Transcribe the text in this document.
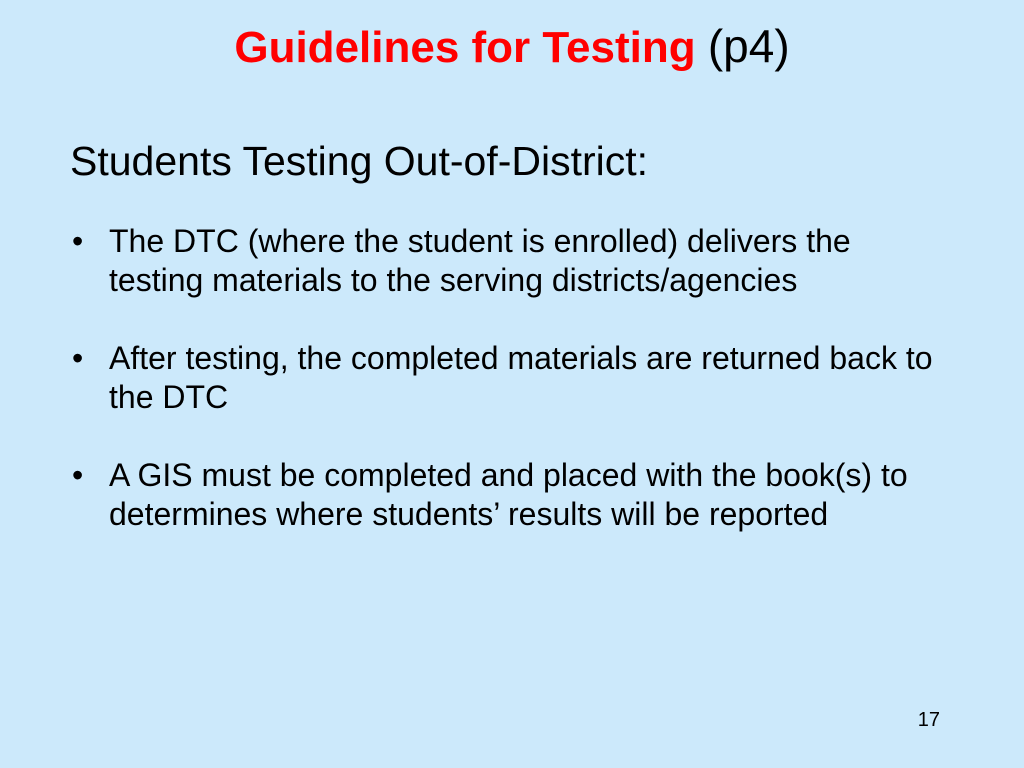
Guidelines for Testing (p4)
Students Testing Out-of-District:
• The DTC (where the student is enrolled) delivers the testing materials to the serving districts/agencies
• After testing, the completed materials are returned back to the DTC
• A GIS must be completed and placed with the book(s) to determines where students’ results will be reported
17
